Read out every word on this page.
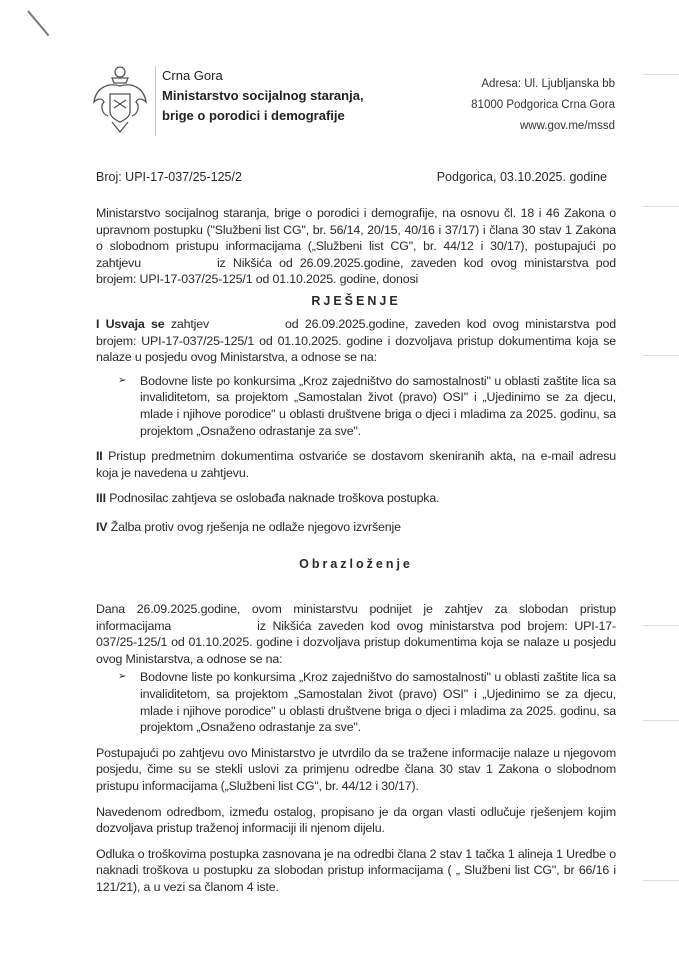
Crna Gora
Ministarstvo socijalnog staranja,
brige o porodici i demografije
Adresa: Ul. Ljubljanska bb
81000 Podgorica Crna Gora
www.gov.me/mssd
Broj: UPI-17-037/25-125/2	Podgorica, 03.10.2025. godine

Ministarstvo socijalnog staranja, brige o porodici i demografije, na osnovu čl. 18 i 46 Zakona o upravnom postupku ("Službeni list CG", br. 56/14, 20/15, 40/16 i 37/17) i člana 30 stav 1 Zakona o slobodnom pristupu informacijama („Službeni list CG", br. 44/12 i 30/17), postupajući po zahtjevu	iz Nikšića od 26.09.2025.godine, zaveden kod ovog ministarstva pod brojem: UPI-17-037/25-125/1 od 01.10.2025. godine, donosi

RJEŠENJE

I Usvaja se zahtjev	od 26.09.2025.godine, zaveden kod ovog ministarstva pod brojem: UPI-17-037/25-125/1 od 01.10.2025. godine i dozvoljava pristup dokumentima koja se nalaze u posjedu ovog Ministarstva, a odnose se na:

➢ Bodovne liste po konkursima „Kroz zajedništvo do samostalnosti" u oblasti zaštite lica sa invaliditetom, sa projektom „Samostalan život (pravo) OSI" i „Ujedinimo se za djecu, mlade i njihove porodice" u oblasti društvene briga o djeci i mladima za 2025. godinu, sa projektom „Osnaženo odrastanje za sve".

II Pristup predmetnim dokumentima ostvariće se dostavom skeniranih akta, na e-mail adresu koja je navedena u zahtjevu.

III Podnosilac zahtjeva se oslobađa naknade troškova postupka.

IV Žalba protiv ovog rješenja ne odlaže njegovo izvršenje

Obrazloženje

Dana 26.09.2025.godine, ovom ministarstvu podnijet je zahtjev za slobodan pristup informacijama	iz Nikšića zaveden kod ovog ministarstva pod brojem: UPI-17-037/25-125/1 od 01.10.2025. godine i dozvoljava pristup dokumentima koja se nalaze u posjedu ovog Ministarstva, a odnose se na:

➢ Bodovne liste po konkursima „Kroz zajedništvo do samostalnosti" u oblasti zaštite lica sa invaliditetom, sa projektom „Samostalan život (pravo) OSI" i „Ujedinimo se za djecu, mlade i njihove porodice" u oblasti društvene briga o djeci i mladima za 2025. godinu, sa projektom „Osnaženo odrastanje za sve".

Postupajući po zahtjevu ovo Ministarstvo je utvrdilo da se tražene informacije nalaze u njegovom posjedu, čime su se stekli uslovi za primjenu odredbe člana 30 stav 1 Zakona o slobodnom pristupu informacijama („Službeni list CG", br. 44/12 i 30/17).

Navedenom odredbom, između ostalog, propisano je da organ vlasti odlučuje rješenjem kojim dozvoljava pristup traženoj informaciji ili njenom dijelu.

Odluka o troškovima postupka zasnovana je na odredbi člana 2 stav 1 tačka 1 alineja 1 Uredbe o naknadi troškova u postupku za slobodan pristup informacijama ( „ Službeni list CG", br 66/16 i 121/21), a u vezi sa članom 4 iste.
